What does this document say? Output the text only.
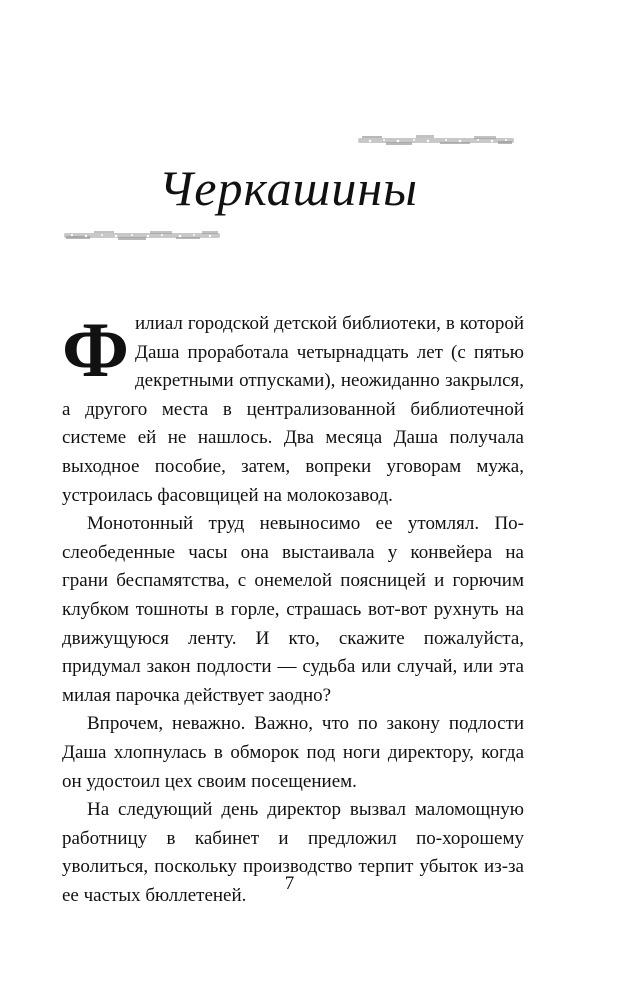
Черкашины

Филиал городской детской библиотеки, в которой Даша проработала четырнадцать лет (с пятью декретными отпусками), неожиданно закрылся, а другого места в централизованной библиотечной системе ей не нашлось. Два месяца Даша получала выходное пособие, затем, вопреки уговорам мужа, устроилась фасовщицей на молокозавод.

Монотонный труд невыносимо ее утомлял. Послеобеденные часы она выстаивала у конвейера на грани беспамятства, с онемелой поясницей и горючим клубком тошноты в горле, страшась вот-вот рухнуть на движущуюся ленту. И кто, скажите пожалуйста, придумал закон подлости — судьба или случай, или эта милая парочка действует заодно?

Впрочем, неважно. Важно, что по закону подлости Даша хлопнулась в обморок под ноги директору, когда он удостоил цех своим посещением.

На следующий день директор вызвал маломощную работницу в кабинет и предложил по-хорошему уволиться, поскольку производство терпит убыток из-за ее частых бюллетеней.

7
